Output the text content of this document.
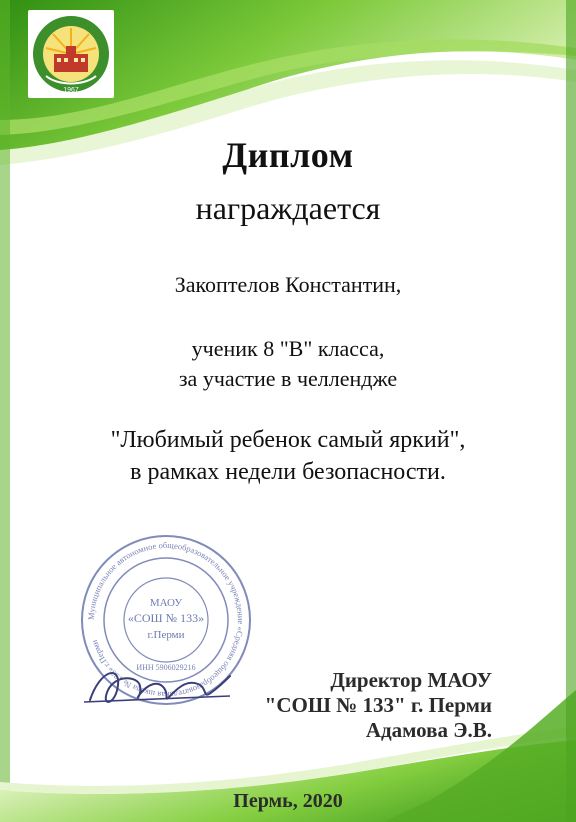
1967
Диплом
награждается
Закоптелов Константин,
ученик 8 "В" класса,
за участие в челлендже
"Любимый ребенок самый яркий",
в рамках недели безопасности.
Муниципальное автономное общеобразовательное учреждение «Средняя общеобразовательная школа № 133» г.Перми
МАОУ
«СОШ № 133»
г.Перми
ИНН 5906029216
Директор МАОУ
"СОШ № 133" г. Перми
Адамова Э.В.
Пермь, 2020
